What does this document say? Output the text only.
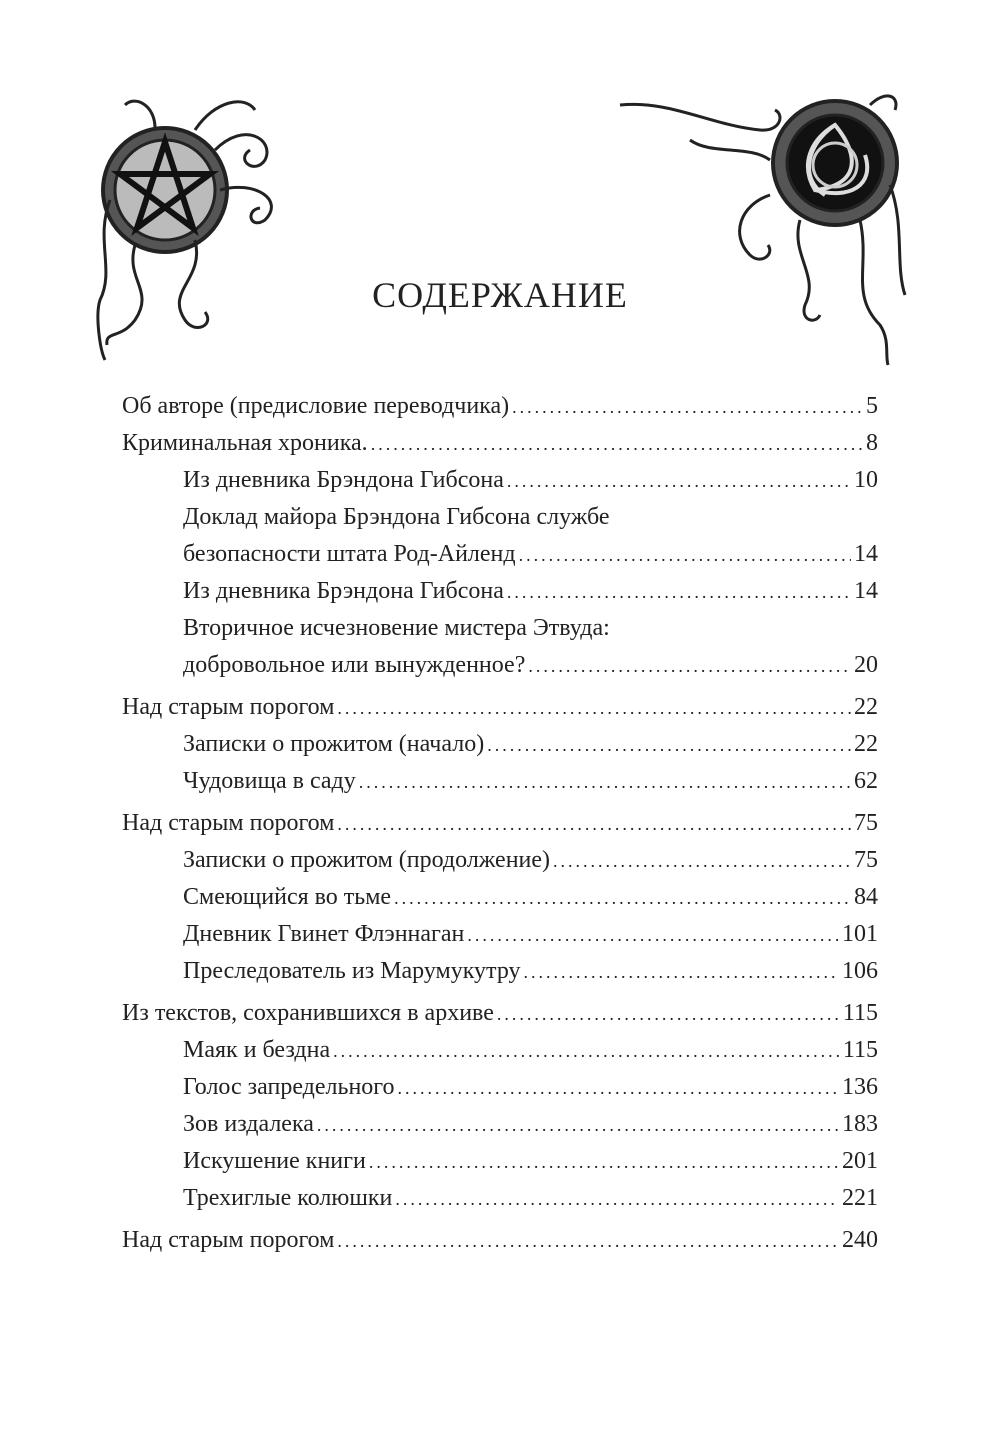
СОДЕРЖАНИЕ
Об авторе (предисловие переводчика) . . .	5
Криминальная хроника. . . .	8
Из дневника Брэндона Гибсона . . .	10
Доклад майора Брэндона Гибсона службе
безопасности штата Род-Айленд . . .	14
Из дневника Брэндона Гибсона . . .	14
Вторичное исчезновение мистера Этвуда:
добровольное или вынужденное? . . .	20
Над старым порогом . . .	22
Записки о прожитом (начало) . . .	22
Чудовища в саду . . .	62
Над старым порогом . . .	75
Записки о прожитом (продолжение) . . .	75
Смеющийся во тьме . . .	84
Дневник Гвинет Флэннаган . . .	101
Преследователь из Марумукутру . . .	106
Из текстов, сохранившихся в архиве . . .	115
Маяк и бездна . . .	115
Голос запредельного . . .	136
Зов издалека . . .	183
Искушение книги . . .	201
Трехиглые колюшки . . .	221
Над старым порогом . . .	240
